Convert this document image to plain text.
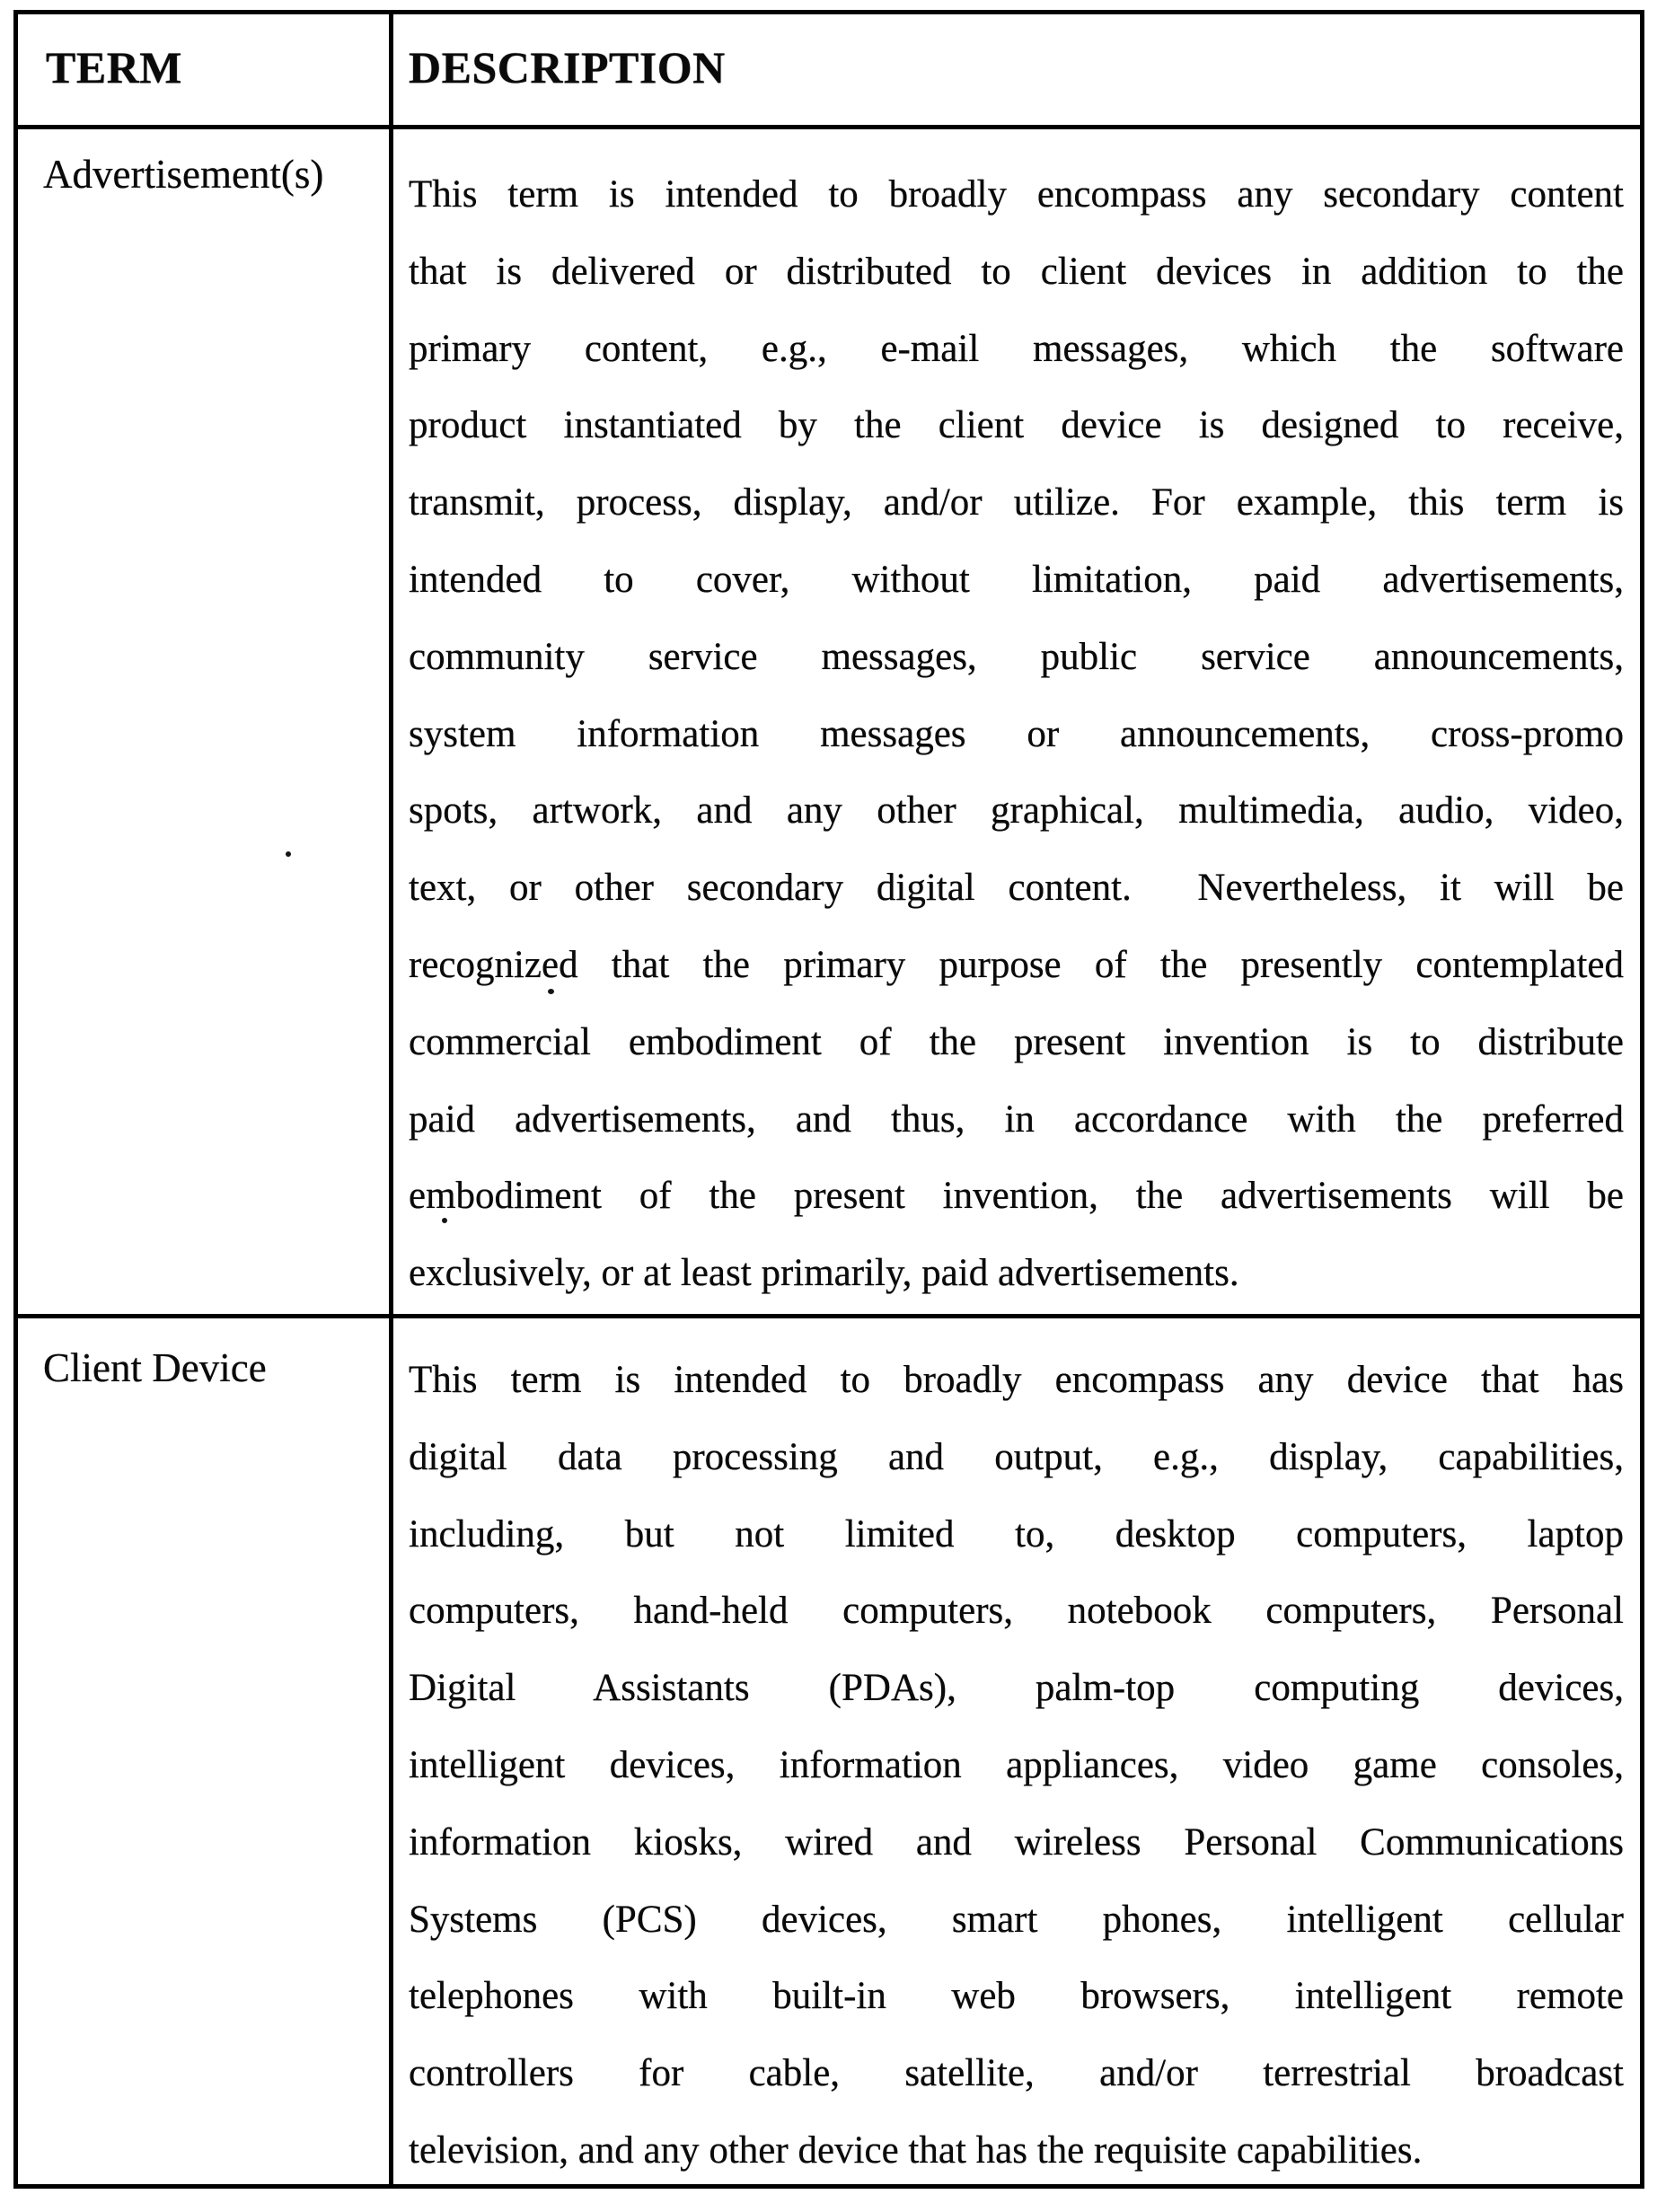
TERM	DESCRIPTION
Advertisement(s)	This term is intended to broadly encompass any secondary content
that is delivered or distributed to client devices in addition to the
primary content, e.g., e-mail messages, which the software
product instantiated by the client device is designed to receive,
transmit, process, display, and/or utilize. For example, this term is
intended to cover, without limitation, paid advertisements,
community service messages, public service announcements,
system information messages or announcements, cross-promo
spots, artwork, and any other graphical, multimedia, audio, video,
text, or other secondary digital content.  Nevertheless, it will be
recognized that the primary purpose of the presently contemplated
commercial embodiment of the present invention is to distribute
paid advertisements, and thus, in accordance with the preferred
embodiment of the present invention, the advertisements will be
exclusively, or at least primarily, paid advertisements.
Client Device	This term is intended to broadly encompass any device that has
digital data processing and output, e.g., display, capabilities,
including, but not limited to, desktop computers, laptop
computers, hand-held computers, notebook computers, Personal
Digital Assistants (PDAs), palm-top computing devices,
intelligent devices, information appliances, video game consoles,
information kiosks, wired and wireless Personal Communications
Systems (PCS) devices, smart phones, intelligent cellular
telephones with built-in web browsers, intelligent remote
controllers for cable, satellite, and/or terrestrial broadcast
television, and any other device that has the requisite capabilities.
